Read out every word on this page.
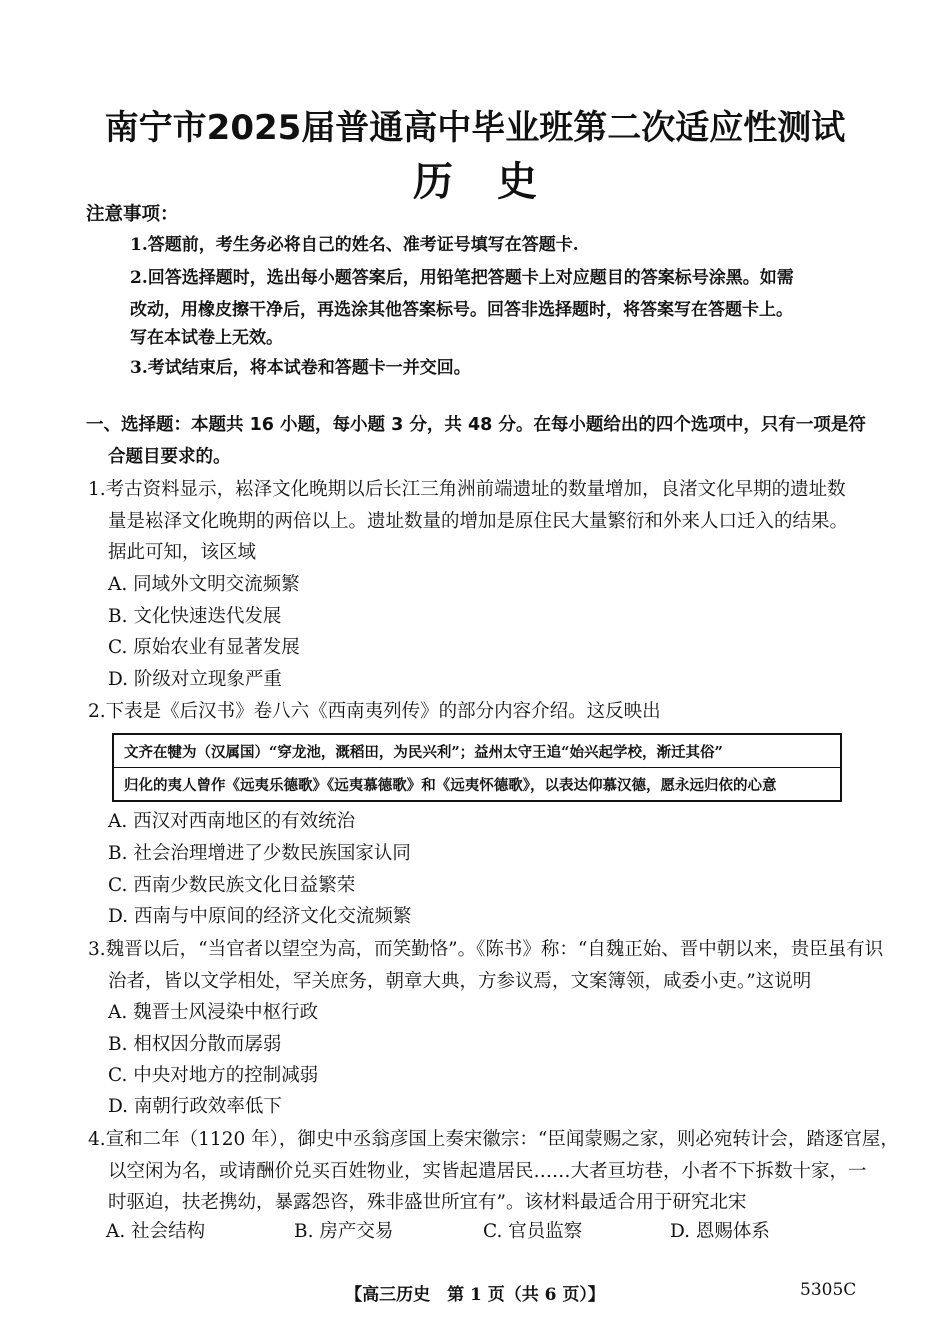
南宁市2025届普通高中毕业班第二次适应性测试
历 史
注意事项：
1.答题前，考生务必将自己的姓名、准考证号填写在答题卡.
2.回答选择题时，选出每小题答案后，用铅笔把答题卡上对应题目的答案标号涂黑。如需
改动，用橡皮擦干净后，再选涂其他答案标号。回答非选择题时，将答案写在答题卡上。
写在本试卷上无效。
3.考试结束后，将本试卷和答题卡一并交回。
一、选择题：本题共 16 小题，每小题 3 分，共 48 分。在每小题给出的四个选项中，只有一项是符
合题目要求的。
1.考古资料显示，崧泽文化晚期以后长江三角洲前端遗址的数量增加，良渚文化早期的遗址数
量是崧泽文化晚期的两倍以上。遗址数量的增加是原住民大量繁衍和外来人口迁入的结果。
据此可知，该区域
A. 同域外文明交流频繁
B. 文化快速迭代发展
C. 原始农业有显著发展
D. 阶级对立现象严重
2.下表是《后汉书》卷八六《西南夷列传》的部分内容介绍。这反映出
文齐在犍为（汉属国）“穿龙池，溉稻田，为民兴利”；益州太守王追“始兴起学校，渐迁其俗”
归化的夷人曾作《远夷乐德歌》《远夷慕德歌》和《远夷怀德歌》，以表达仰慕汉德，愿永远归依的心意
A. 西汉对西南地区的有效统治
B. 社会治理增进了少数民族国家认同
C. 西南少数民族文化日益繁荣
D. 西南与中原间的经济文化交流频繁
3.魏晋以后，“当官者以望空为高，而笑勤恪”。《陈书》称：“自魏正始、晋中朝以来，贵臣虽有识
治者，皆以文学相处，罕关庶务，朝章大典，方参议焉，文案簿领，咸委小吏。”这说明
A. 魏晋士风浸染中枢行政
B. 相权因分散而孱弱
C. 中央对地方的控制减弱
D. 南朝行政效率低下
4.宣和二年（1120 年），御史中丞翁彦国上奏宋徽宗：“臣闻蒙赐之家，则必宛转计会，踏逐官屋，
以空闲为名，或请酬价兑买百姓物业，实皆起遣居民……大者亘坊巷，小者不下拆数十家，一
时驱迫，扶老携幼，暴露怨咨，殊非盛世所宜有”。该材料最适合用于研究北宋
A. 社会结构	B. 房产交易	C. 官员监察	D. 恩赐体系
【高三历史　第 1 页（共 6 页）】	5305C
